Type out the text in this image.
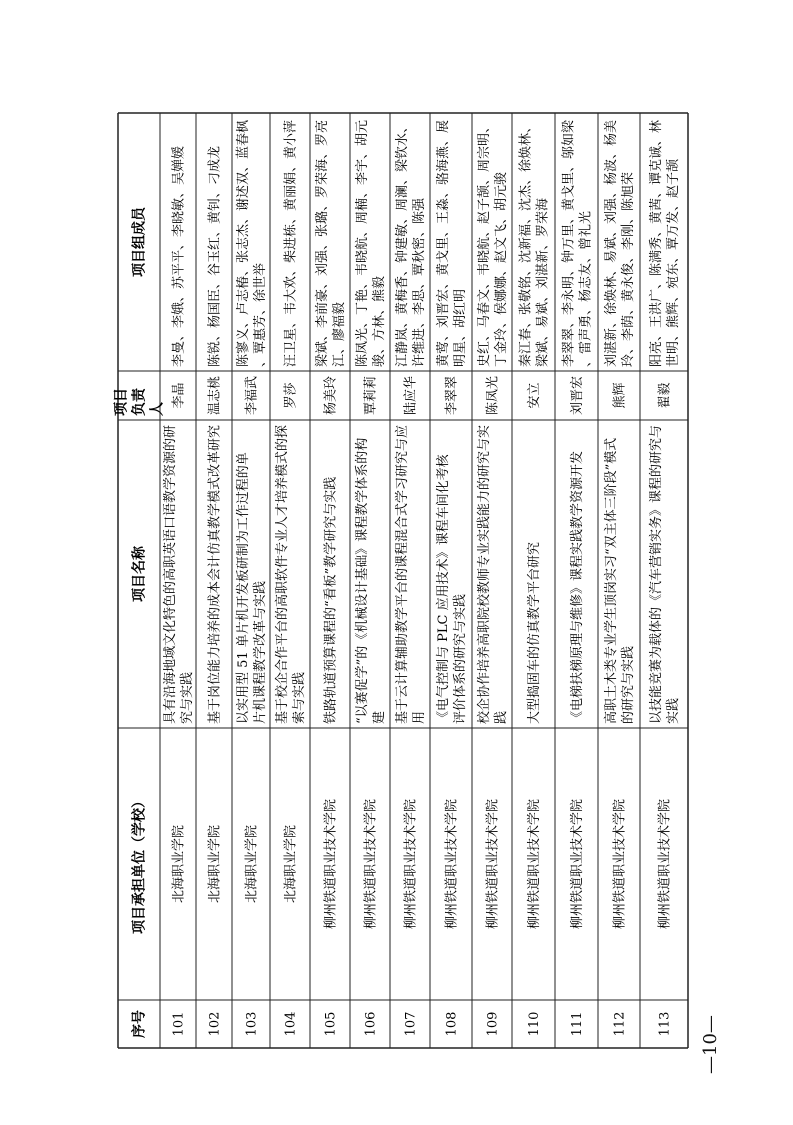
序号
项目承担单位（学校）
项目名称
项目 负责 人
项目组成员
101
北海职业学院
具有沿海地域文化特色的高职英语口语教学资源的研 究与实践
李晶
李曼、李娥、苏平平、李晓敏、吴婵媛
102
北海职业学院
基于岗位能力培养的成本会计仿真教学模式改革研究
温志桃
陈锐、杨国臣、谷玉红、黄钊、刁成龙
103
北海职业学院
以实用型 51 单片机开发板研制为工作过程的单 片机课程教学改革与实践
李福武
陈寥义、卢志椿、张志杰、谢述双、蓝春枫 、覃惠芳、徐世举
104
北海职业学院
基于校企合作平台的高职软件专业人才培养模式的探 索与实践
罗莎
汪卫星、韦大欢、柴进栋、黄丽娟、黄小萍
105
柳州铁道职业技术学院
铁路轨道预算课程的“看板”教学研究与实践
杨美玲
梁斌、李前豪、刘强、张璐、罗荣海、罗亮 江、廖福毅
106
柳州铁道职业技术学院
“以赛促学”的《机械设计基础》课程教学体系的构 建
覃莉莉
陈凤光、丁艳、韦晓航、周楠、李宇、胡元 骏、方林、熊毅
107
柳州铁道职业技术学院
基于云计算辅助教学平台的课程混合式学习研究与应 用
陆应华
江静岚、黄梅香、钟建敏、周澜、梁钦水、 许维进、李思、覃秋密、陈强
108
柳州铁道职业技术学院
《电气控制与 PLC 应用技术》课程车间化考核 评价体系的研究与实践
李翠翠
黄莺、刘晋宏、黄戈里、王淼、骆海燕、展 明星、胡红明
109
柳州铁道职业技术学院
校企协作培养高职院校教师专业实践能力的研究与实 践
陈凤光
史红、马春文、韦晓航、赵子颉、周宗明、 丁金玲、侯娜娜、赵文飞、胡元骏
110
柳州铁道职业技术学院
大型捣固车的仿真教学平台研究
安立
秦江春、张敬铭、沈新福、沈杰、徐焕林、 梁斌、易斌、刘湛新、罗荣海
111
柳州铁道职业技术学院
《电梯扶梯原理与维修》课程实践教学资源开发
刘晋宏
李翠翠、李永明、钟万里、黄戈里、邬如梁 、雷声勇、杨志友、曾礼光
112
柳州铁道职业技术学院
高职土木类专业学生顶岗实习“双主体三阶段”模式 的研究与实践
熊辉
刘湛新、徐焕林、易斌、刘强、杨波、杨美 玲、李荫、黄永俊、李刚、陈旭荣
113
柳州铁道职业技术学院
以技能竞赛为载体的《汽车营销实务》课程的研究与 实践
翟毅
阳亮、王洪广、陈满秀、黄茜、谭克诚、林 世明、熊辉、宛东、覃万发、赵子颉
—10—
